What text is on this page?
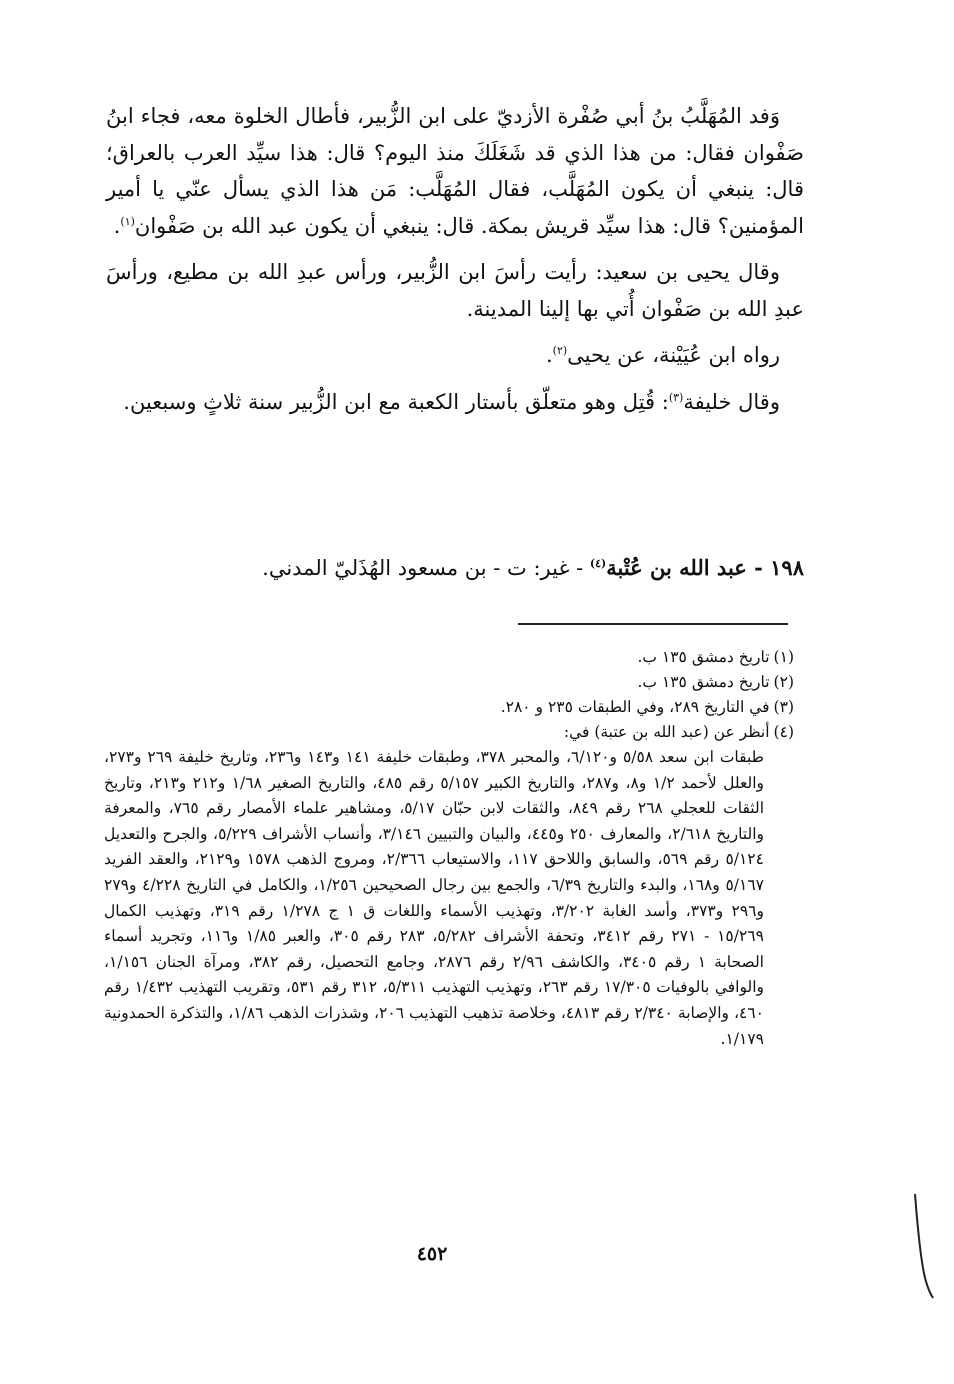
وَفد المُهَلَّبُ بنُ أبي صُفْرة الأزديّ على ابن الزُّبير، فأطال الخلوة معه، فجاء ابنُ صَفْوان فقال: من هذا الذي قد شَغَلَكَ منذ اليوم؟ قال: هذا سيِّد العرب بالعراق؛ قال: ينبغي أن يكون المُهَلَّب، فقال المُهَلَّب: مَن هذا الذي يسأل عنّي يا أمير المؤمنين؟ قال: هذا سيِّد قريش بمكة. قال: ينبغي أن يكون عبد الله بن صَفْوان$^{(١)}$.

وقال يحيى بن سعيد: رأيت رأسَ ابن الزُّبير، ورأس عبدِ الله بن مطيع، ورأسَ عبدِ الله بن صَفْوان أُتي بها إلينا المدينة.

رواه ابن عُيَيْنة، عن يحيى$^{(٢)}$.

وقال خليفة$^{(٣)}$: قُتِل وهو متعلّق بأستار الكعبة مع ابن الزُّبير سنة ثلاثٍ وسبعين.

١٩٨ - عبد الله بن عُتْبة$^{(٤)}$ - غير: ت - بن مسعود الهُذَليّ المدني.

(١)تاريخ دمشق ١٣٥ ب.

(٢)تاريخ دمشق ١٣٥ ب.

(٣)في التاريخ ٢٨٩، وفي الطبقات ٢٣٥ و ٢٨٠.

(٤)أنظر عن (عبد الله بن عتبة) في:

طبقات ابن سعد ٥/٥٨ و٦/١٢٠، والمحبر ٣٧٨، وطبقات خليفة ١٤١ و١٤٣ و٢٣٦، وتاريخ خليفة ٢٦٩ و٢٧٣، والعلل لأحمد ١/٢ و٨، و٢٨٧، والتاريخ الكبير ٥/١٥٧ رقم ٤٨٥، والتاريخ الصغير ١/٦٨ و٢١٢ و٢١٣، وتاريخ الثقات للعجلي ٢٦٨ رقم ٨٤٩، والثقات لابن حبّان ٥/١٧، ومشاهير علماء الأمصار رقم ٧٦٥، والمعرفة والتاريخ ٢/٦١٨، والمعارف ٢٥٠ و٤٤٥، والبيان والتبيين ٣/١٤٦، وأنساب الأشراف ٥/٢٢٩، والجرح والتعديل ٥/١٢٤ رقم ٥٦٩، والسابق واللاحق ١١٧، والاستيعاب ٢/٣٦٦، ومروج الذهب ١٥٧٨ و٢١٢٩، والعقد الفريد ٥/١٦٧ و١٦٨، والبدء والتاريخ ٦/٣٩، والجمع بين رجال الصحيحين ١/٢٥٦، والكامل في التاريخ ٤/٢٢٨ و٢٧٩ و٢٩٦ و٣٧٣، وأسد الغابة ٣/٢٠٢، وتهذيب الأسماء واللغات ق ١ ج ١/٢٧٨ رقم ٣١٩، وتهذيب الكمال ١٥/٢٦٩ - ٢٧١ رقم ٣٤١٢، وتحفة الأشراف ٥/٢٨٢، ٢٨٣ رقم ٣٠٥، والعبر ١/٨٥ و١١٦، وتجريد أسماء الصحابة ١ رقم ٣٤٠٥، والكاشف ٢/٩٦ رقم ٢٨٧٦، وجامع التحصيل، رقم ٣٨٢، ومرآة الجنان ١/١٥٦، والوافي بالوفيات ١٧/٣٠٥ رقم ٢٦٣، وتهذيب التهذيب ٥/٣١١، ٣١٢ رقم ٥٣١، وتقريب التهذيب ١/٤٣٢ رقم ٤٦٠، والإصابة ٢/٣٤٠ رقم ٤٨١٣، وخلاصة تذهيب التهذيب ٢٠٦، وشذرات الذهب ١/٨٦، والتذكرة الحمدونية ١/١٧٩.

٤٥٢
